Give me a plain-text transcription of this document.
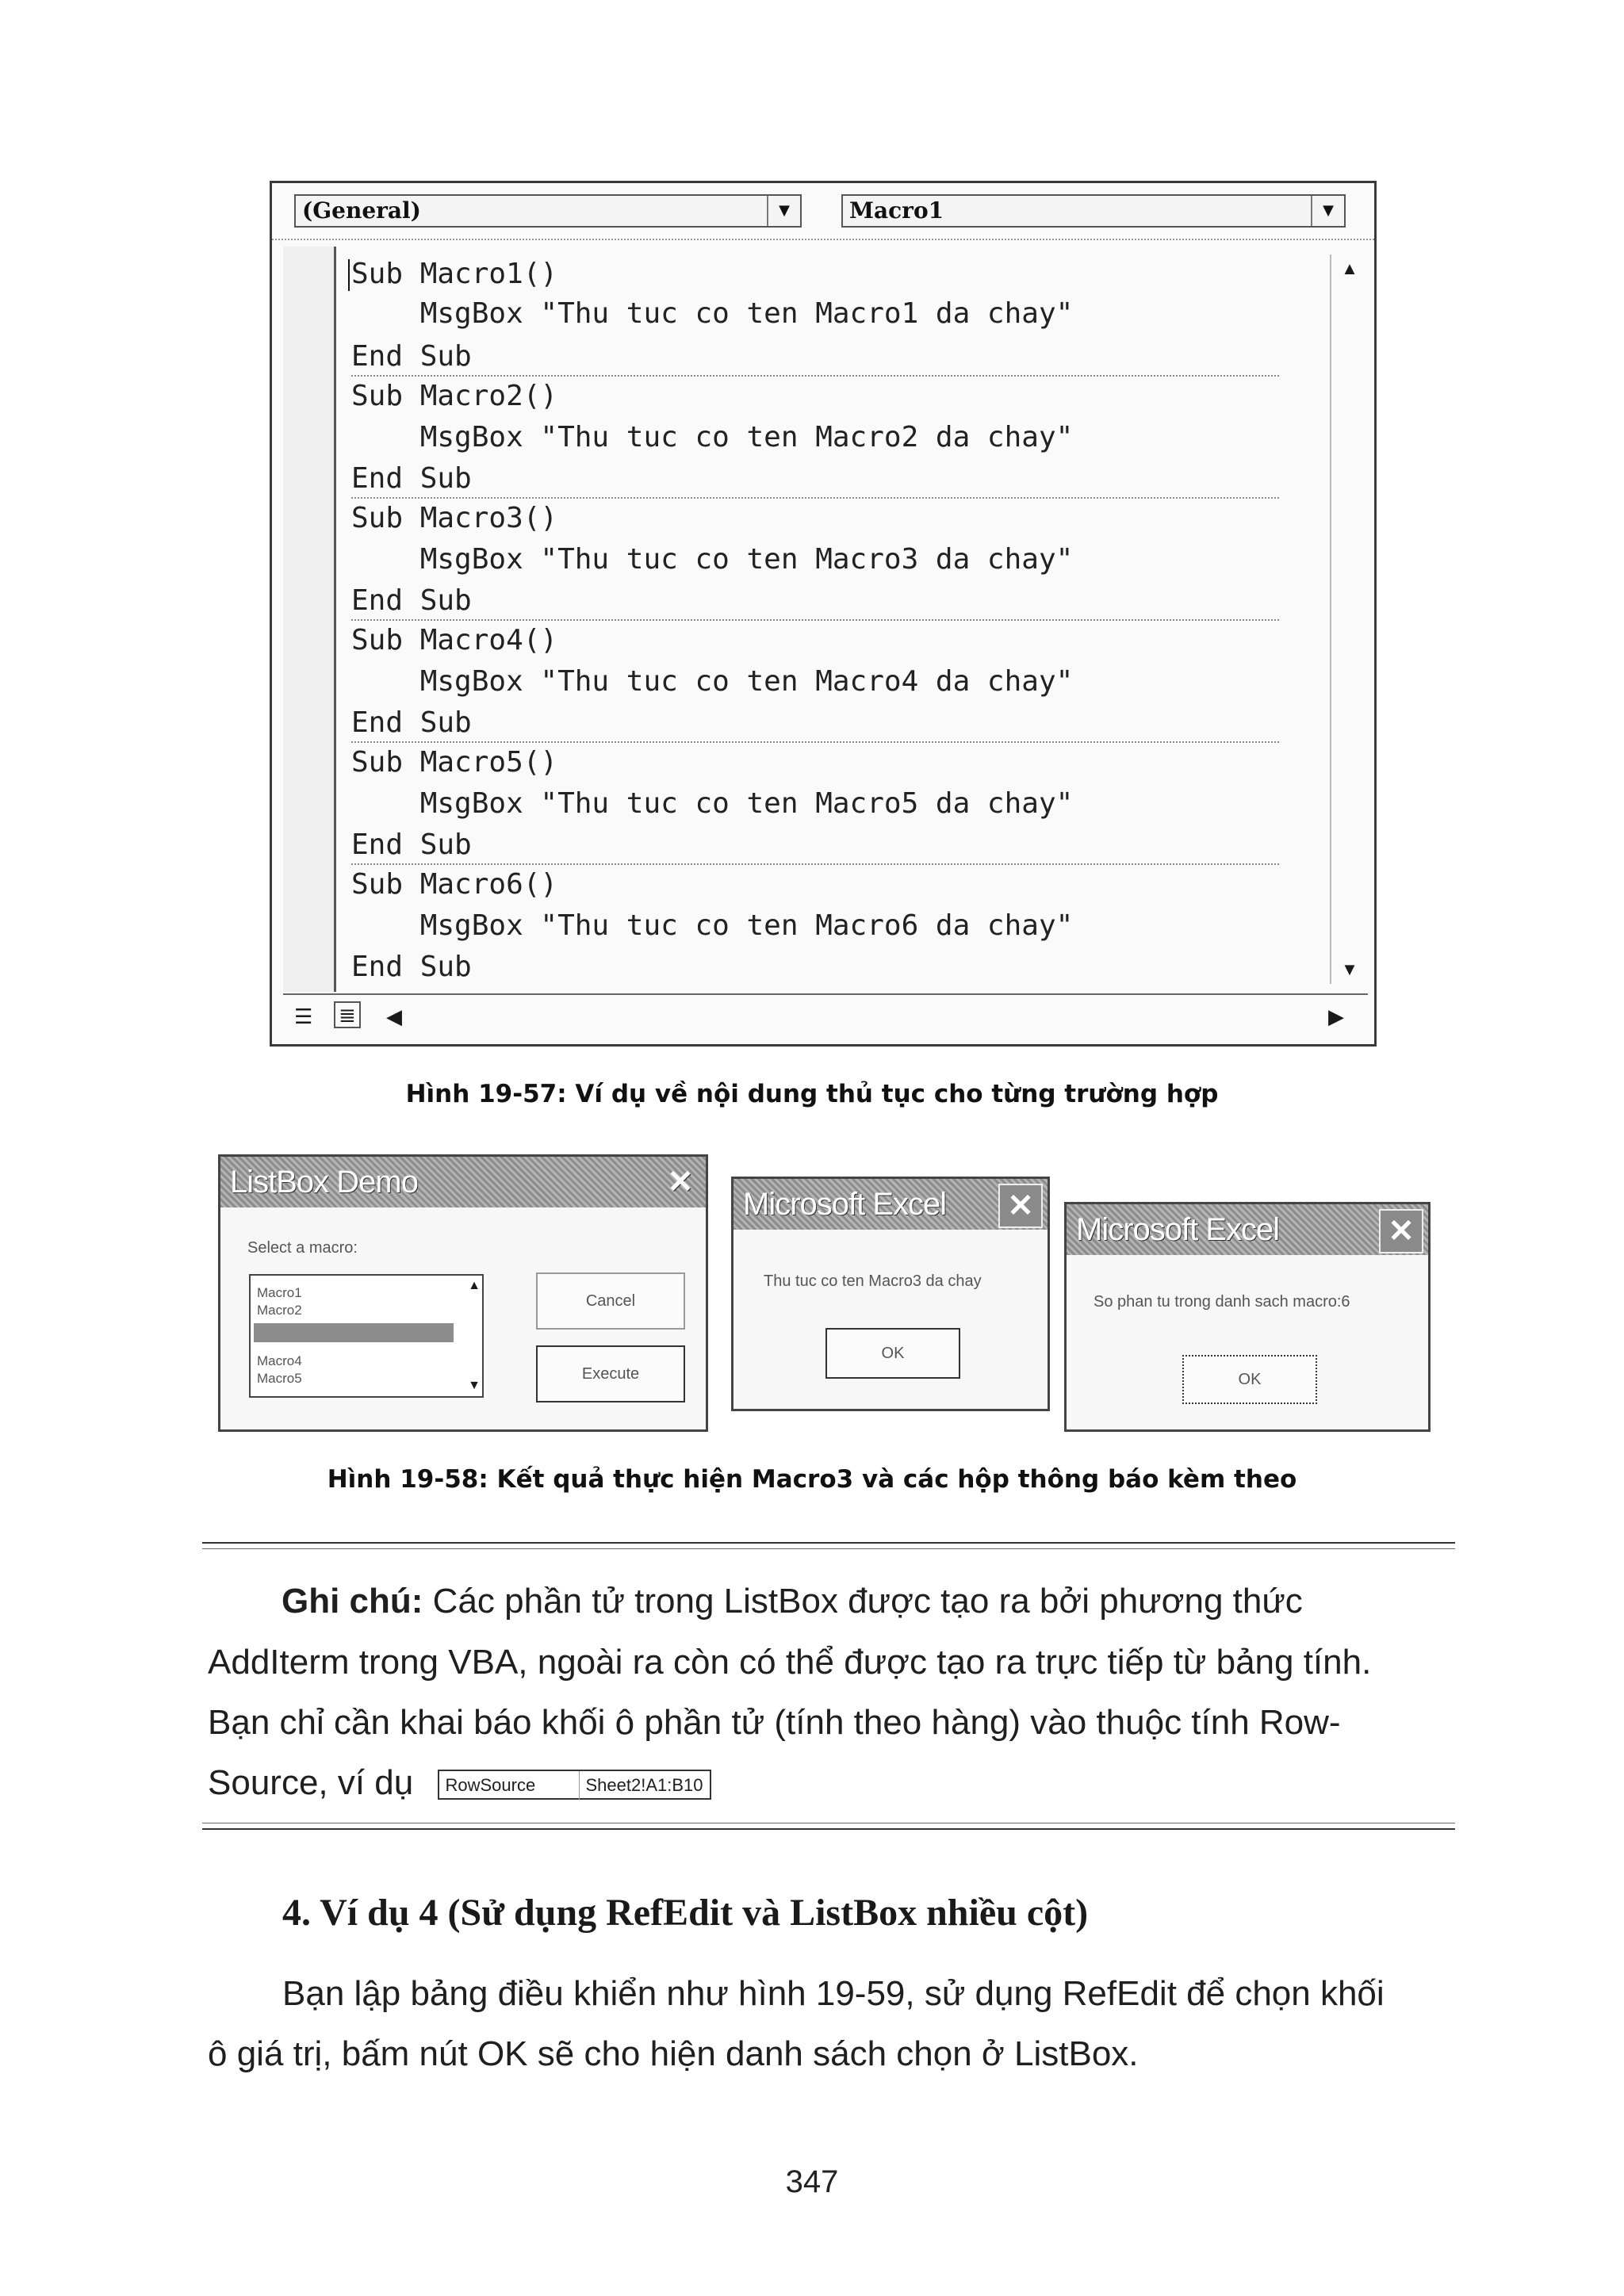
(General)	▼	Macro1	▼
Sub Macro1()
MsgBox "Thu tuc co ten Macro1 da chay"
End Sub
Sub Macro2()
MsgBox "Thu tuc co ten Macro2 da chay"
End Sub
Sub Macro3()
MsgBox "Thu tuc co ten Macro3 da chay"
End Sub
Sub Macro4()
MsgBox "Thu tuc co ten Macro4 da chay"
End Sub
Sub Macro5()
MsgBox "Thu tuc co ten Macro5 da chay"
End Sub
Sub Macro6()
MsgBox "Thu tuc co ten Macro6 da chay"
End Sub
▲
▼
☰ ≣ ◀	▶
Hình 19-57: Ví dụ về nội dung thủ tục cho từng trường hợp
ListBox Demo	✕
Select a macro:
Macro1
Macro2
Macro4
Macro5
▲
▼
Cancel
Execute
Microsoft Excel	✕
Thu tuc co ten Macro3 da chay
OK
Microsoft Excel	✕
So phan tu trong danh sach macro:6
OK
Hình 19-58: Kết quả thực hiện Macro3 và các hộp thông báo kèm theo
Ghi chú: Các phần tử trong ListBox được tạo ra bởi phương thức
AddIterm trong VBA, ngoài ra còn có thể được tạo ra trực tiếp từ bảng tính.
Bạn chỉ cần khai báo khối ô phần tử (tính theo hàng) vào thuộc tính Row-
Source, ví dụ RowSource	Sheet2!A1:B10
4. Ví dụ 4 (Sử dụng RefEdit và ListBox nhiều cột)
Bạn lập bảng điều khiển như hình 19-59, sử dụng RefEdit để chọn khối
ô giá trị, bấm nút OK sẽ cho hiện danh sách chọn ở ListBox.
347
